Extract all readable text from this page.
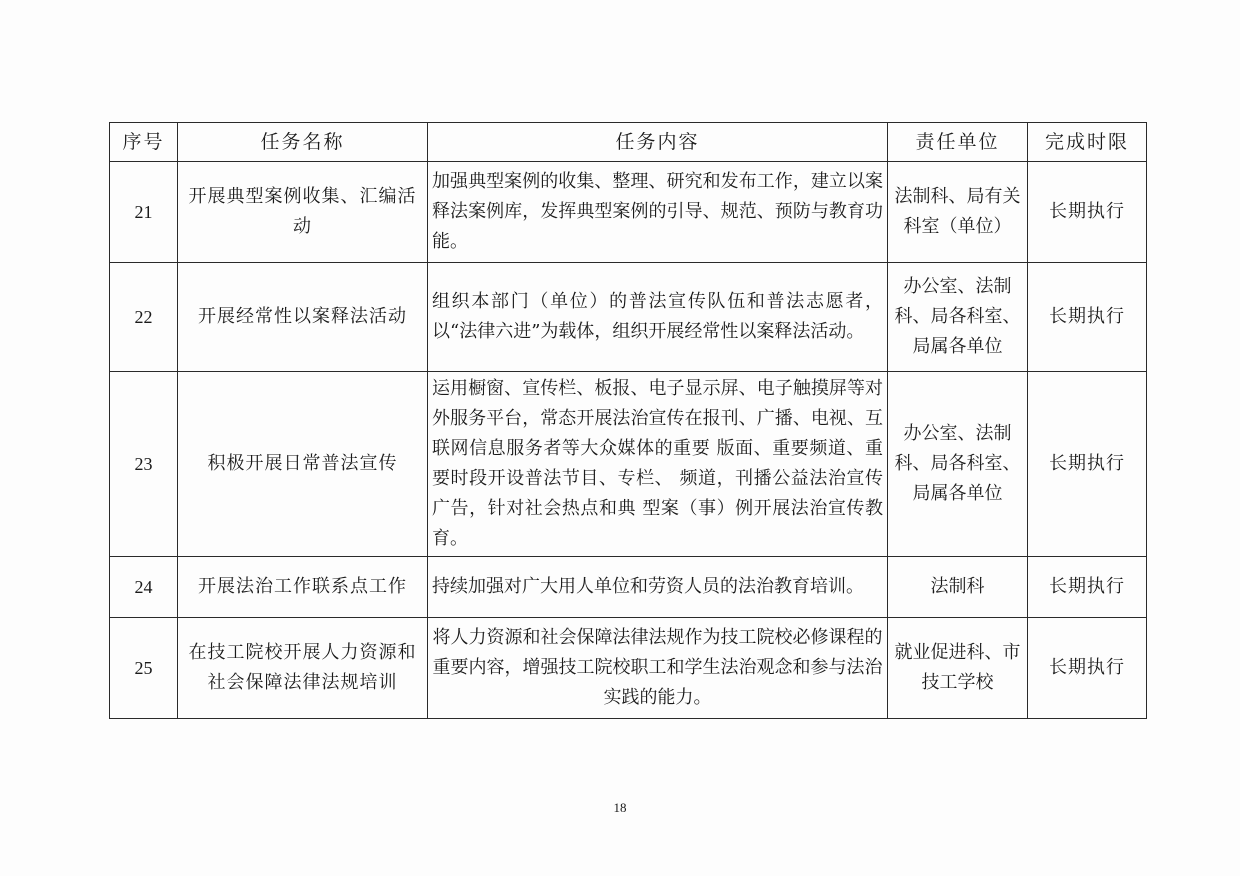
序号	任务名称	任务内容	责任单位	完成时限
21	开展典型案例收集、汇编活动	加强典型案例的收集、整理、研究和发布工作，建立以案释法案例库，发挥典型案例的引导、规范、预防与教育功能。	法制科、局有关科室（单位）	长期执行
22	开展经常性以案释法活动	组织本部门（单位）的普法宣传队伍和普法志愿者，以“法律六进”为载体，组织开展经常性以案释法活动。	办公室、法制科、局各科室、局属各单位	长期执行
23	积极开展日常普法宣传	运用橱窗、宣传栏、板报、电子显示屏、电子触摸屏等对外服务平台，常态开展法治宣传在报刊、广播、电视、互联网信息服务者等大众媒体的重要 版面、重要频道、重要时段开设普法节目、专栏、 频道，刊播公益法治宣传广告，针对社会热点和典 型案（事）例开展法治宣传教育。	办公室、法制科、局各科室、局属各单位	长期执行
24	开展法治工作联系点工作	持续加强对广大用人单位和劳资人员的法治教育培训。	法制科	长期执行
25	在技工院校开展人力资源和社会保障法律法规培训	将人力资源和社会保障法律法规作为技工院校必修课程的重要内容，增强技工院校职工和学生法治观念和参与法治实践的能力。	就业促进科、市技工学校	长期执行
18
